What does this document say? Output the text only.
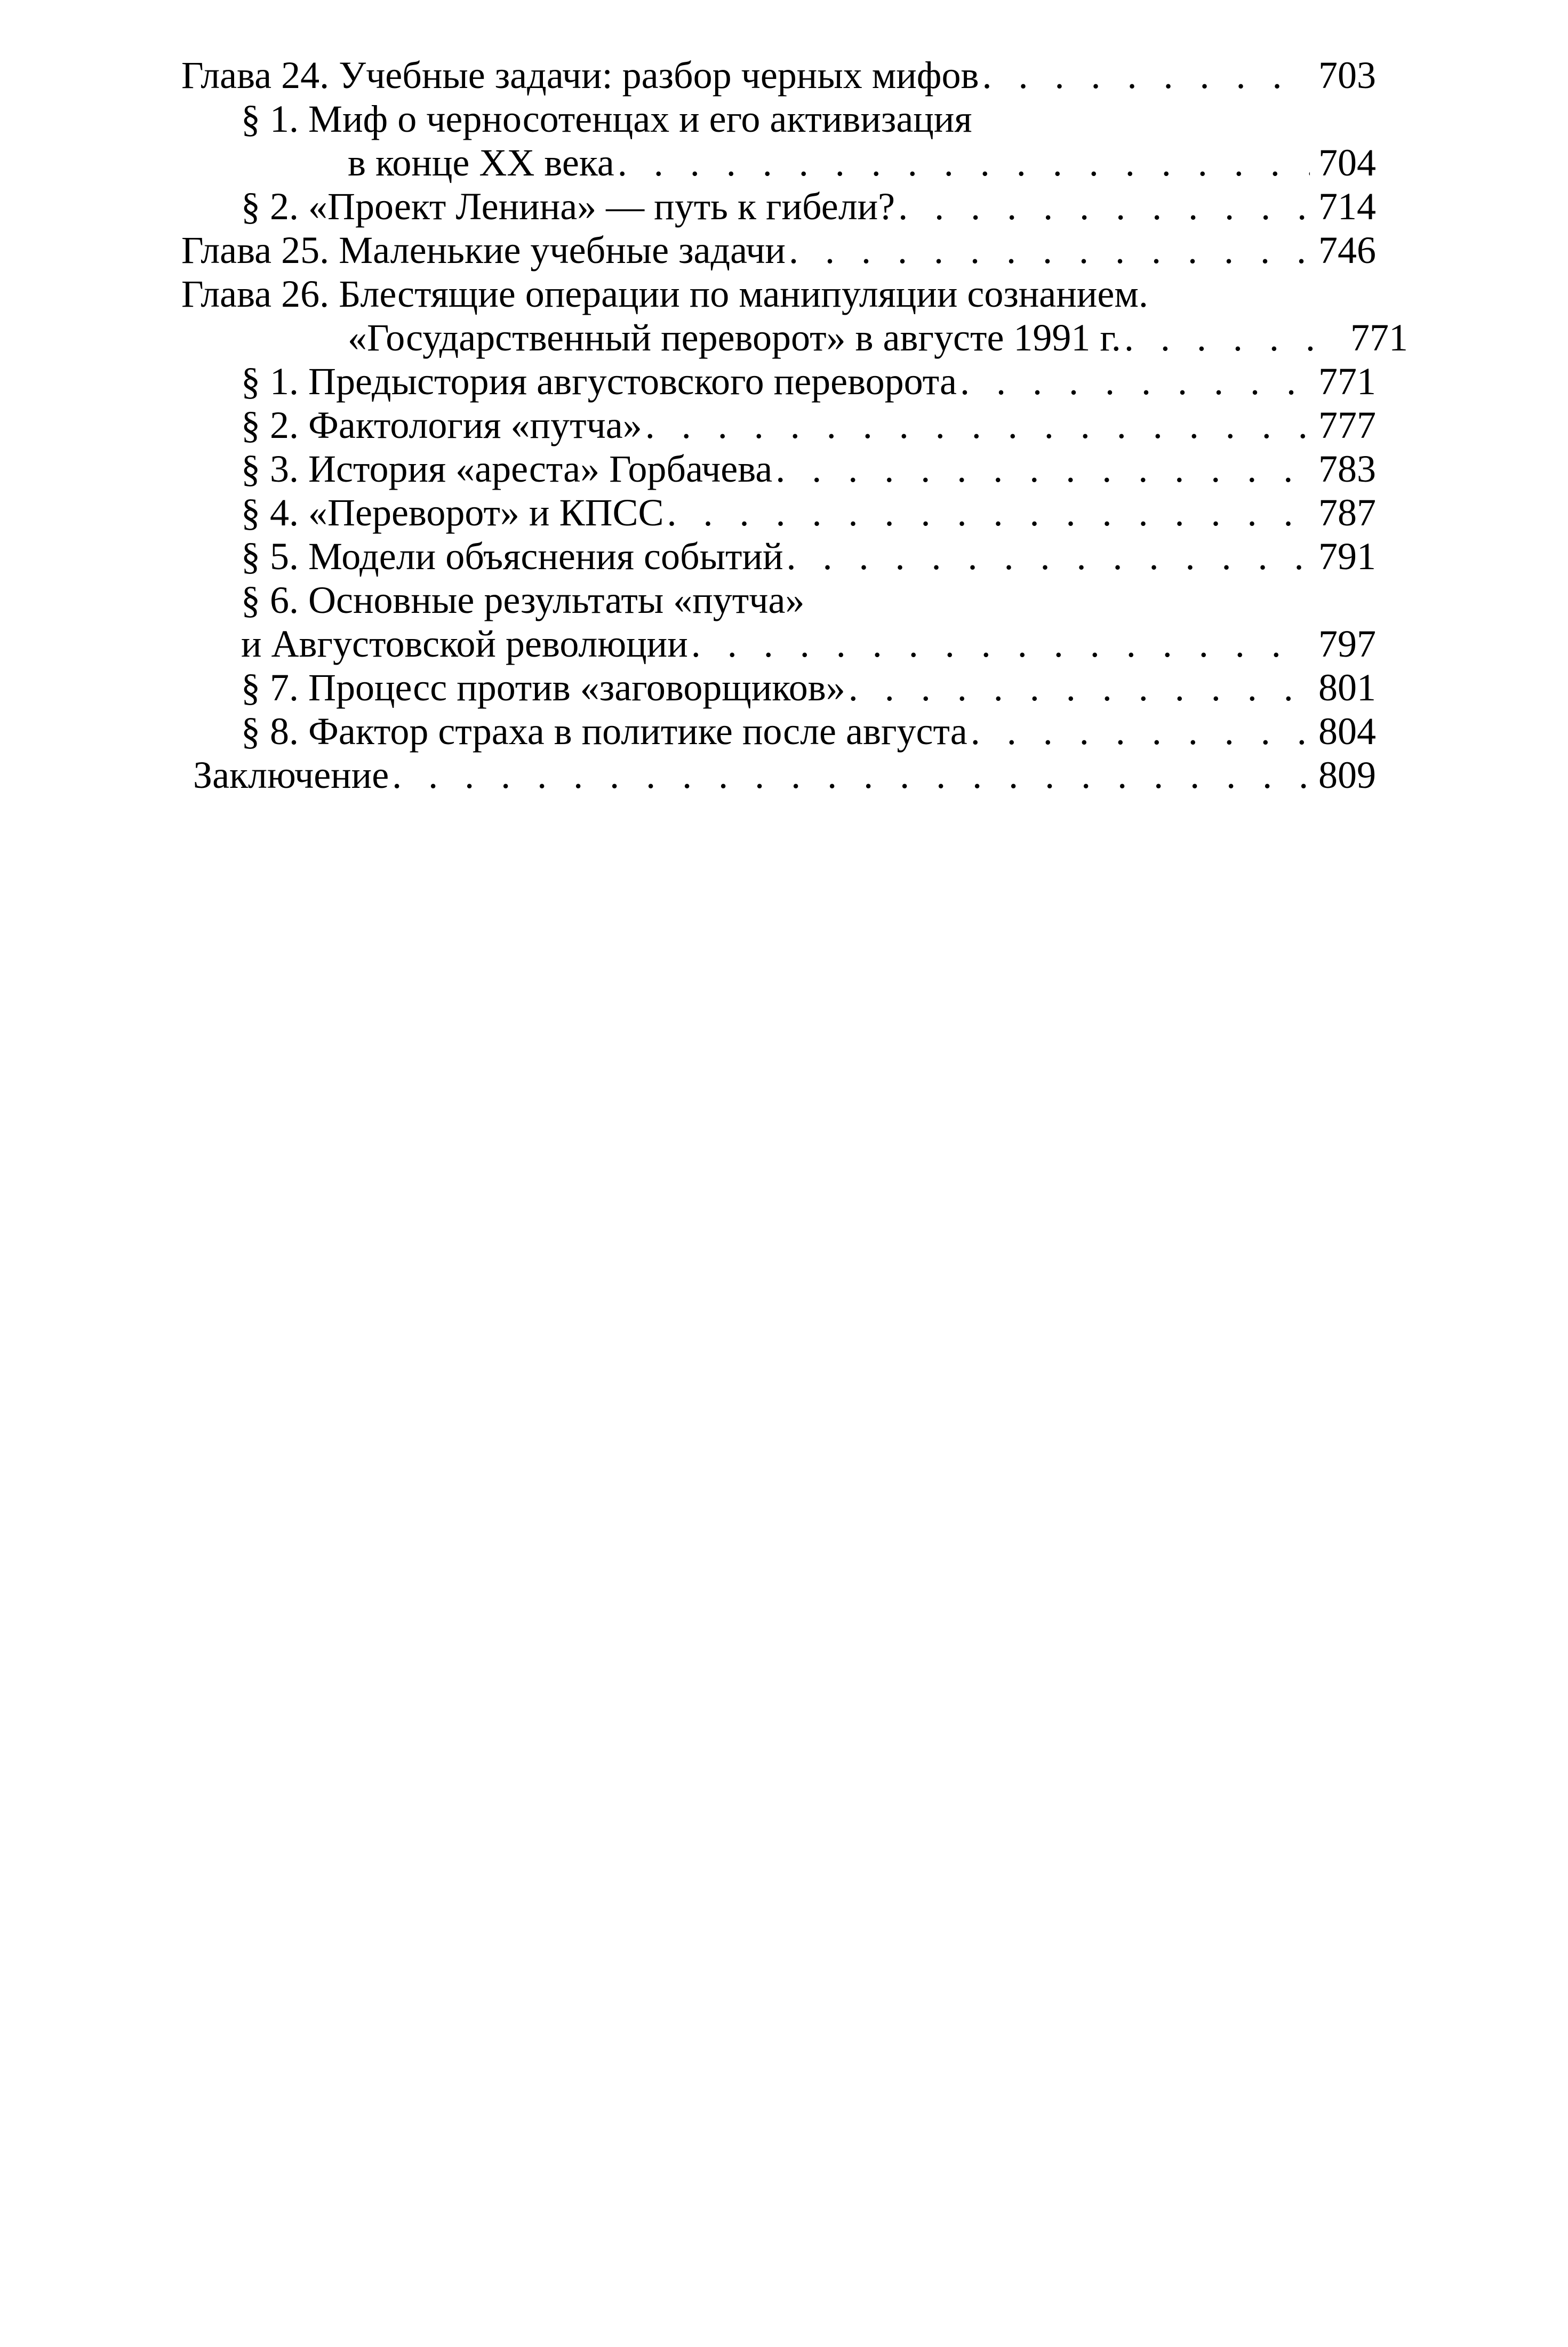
Глава 24. Учебные задачи: разбор черных мифов . . .	703
§ 1. Миф о черносотенцах и его активизация
в конце XX века . . .	704
§ 2. «Проект Ленина» — путь к гибели? . . .	714
Глава 25. Маленькие учебные задачи . . .	746
Глава 26. Блестящие операции по манипуляции сознанием.
«Государственный переворот» в августе 1991 г. . . .	771
§ 1. Предыстория августовского переворота . . .	771
§ 2. Фактология «путча» . . .	777
§ 3. История «ареста» Горбачева . . .	783
§ 4. «Переворот» и КПСС . . .	787
§ 5. Модели объяснения событий . . .	791
§ 6. Основные результаты «путча»
и Августовской революции . . .	797
§ 7. Процесс против «заговорщиков» . . .	801
§ 8. Фактор страха в политике после августа . . .	804
Заключение . . .	809
